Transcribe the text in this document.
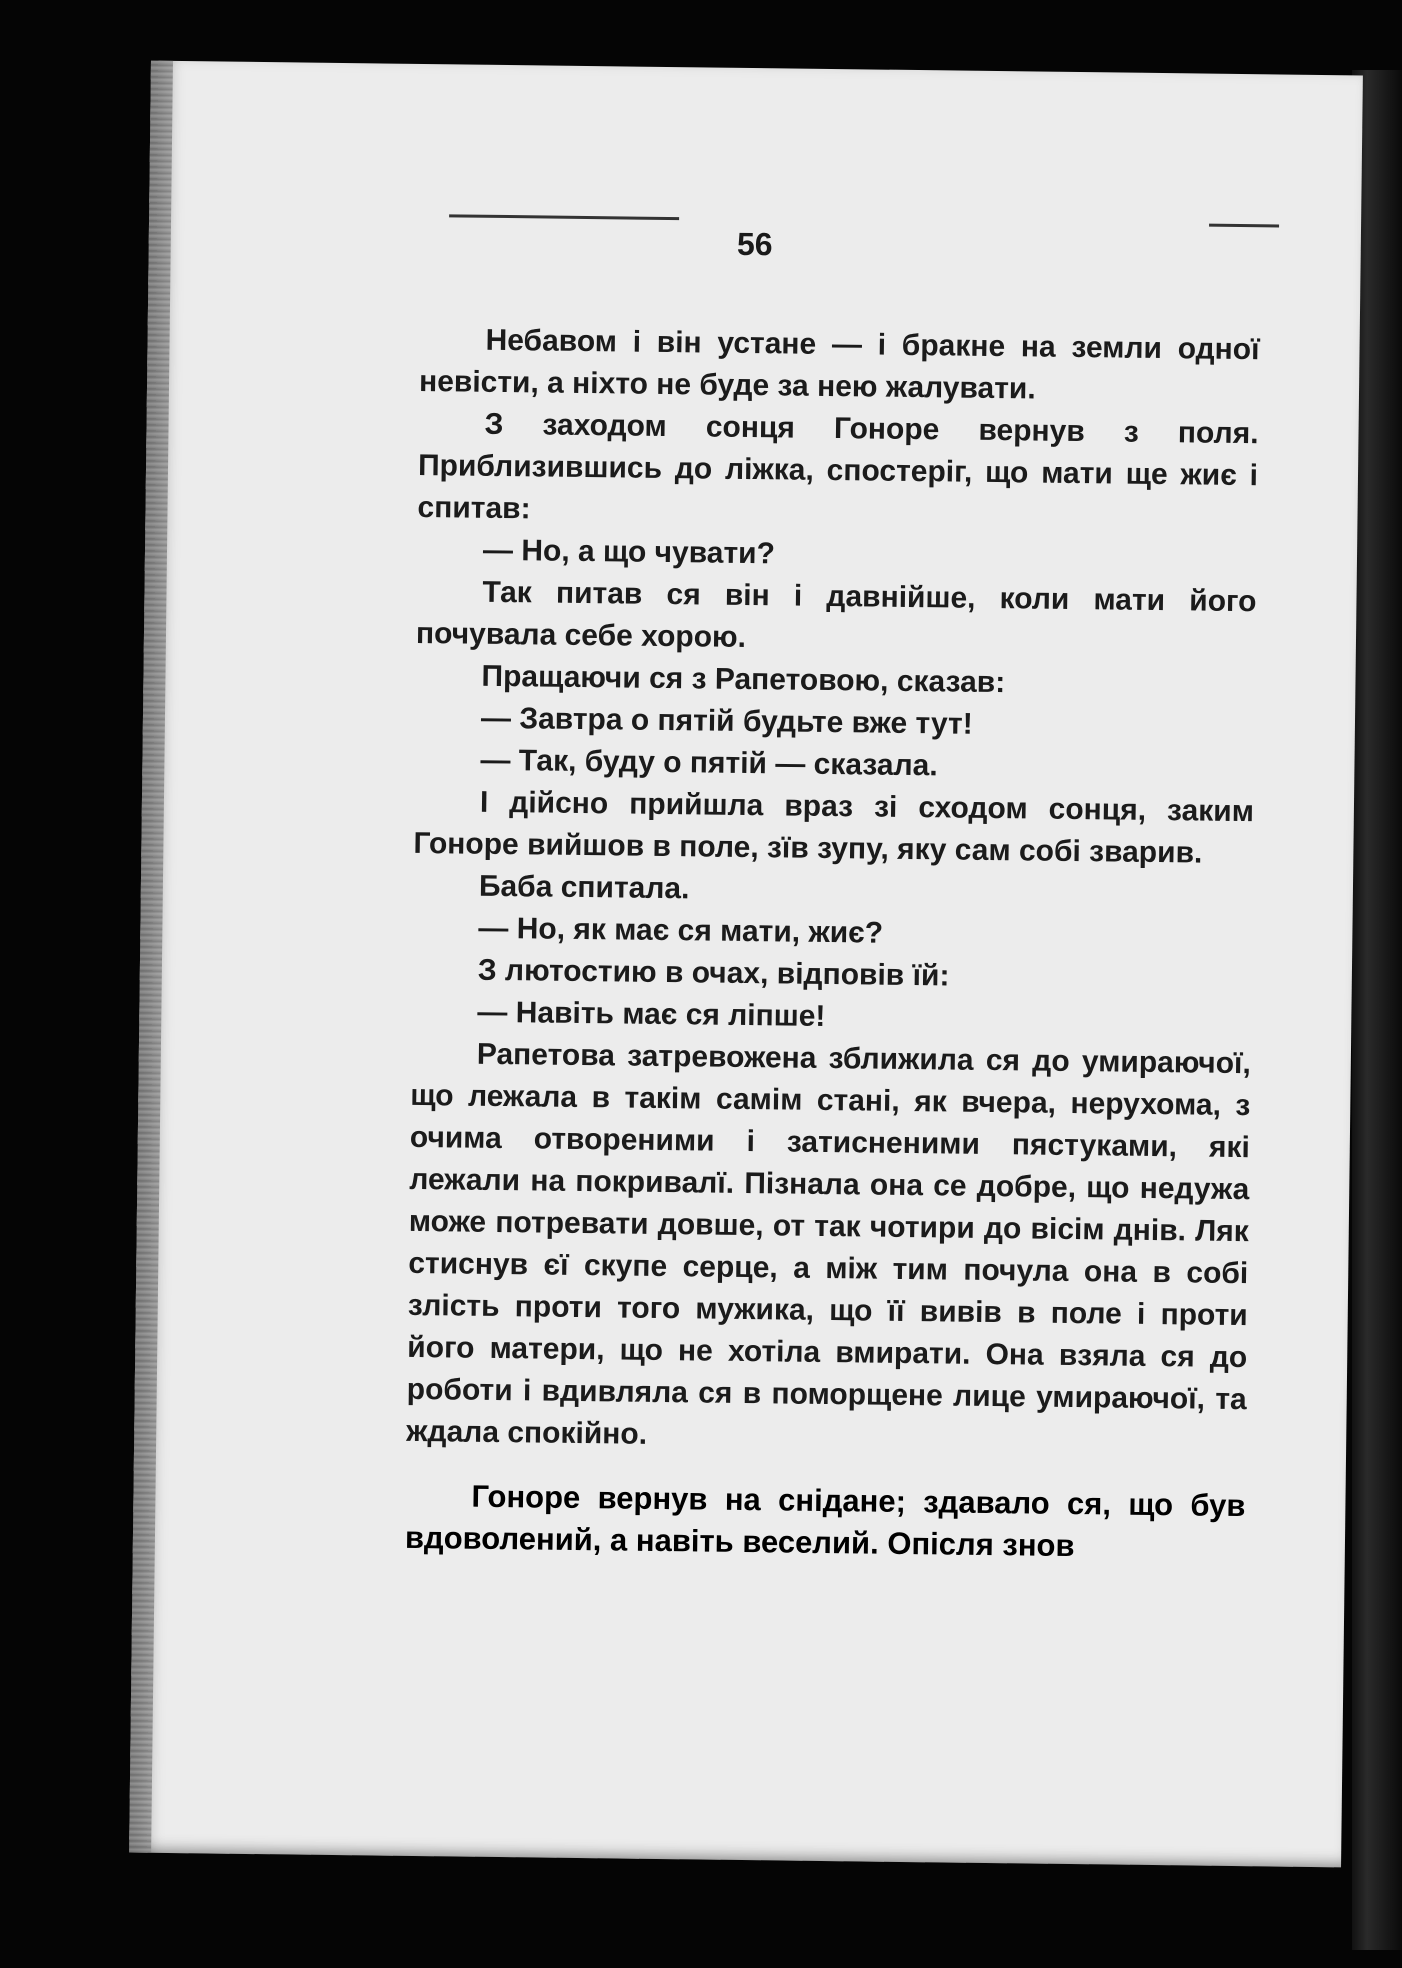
56

Небавом і він устане — і бракне на земли одної невісти, а ніхто не буде за нею жалувати.

З заходом сонця Гоноре вернув з поля. Приблизившись до ліжка, спостеріг, що мати ще жиє і спитав:

— Но, а що чувати?

Так питав ся він і давнійше, коли мати його почувала себе хорою.

Пращаючи ся з Рапетовою, сказав:

— Завтра о пятій будьте вже тут!

— Так, буду о пятій — сказала.

І дійсно прийшла враз зі сходом сонця, заким Гоноре вийшов в поле, зїв зупу, яку сам собі зварив.

Баба спитала.

— Но, як має ся мати, жиє?

З лютостию в очах, відповів їй:

— Навіть має ся ліпше!

Рапетова затревожена зближила ся до умираючої, що лежала в такім самім стані, як вчера, нерухома, з очима отвореними і затисненими пястуками, які лежали на покривалї. Пізнала она се добре, що недужа може потревати довше, от так чотири до вісім днів. Ляк стиснув єї скупе серце, а між тим почула она в собі злість проти того мужика, що її вивів в поле і проти його матери, що не хотіла вмирати. Она взяла ся до роботи і вдивляла ся в поморщене лице умираючої, та ждала спокійно.

Гоноре вернув на снідане; здавало ся, що був вдоволений, а навіть веселий. Опісля знов
